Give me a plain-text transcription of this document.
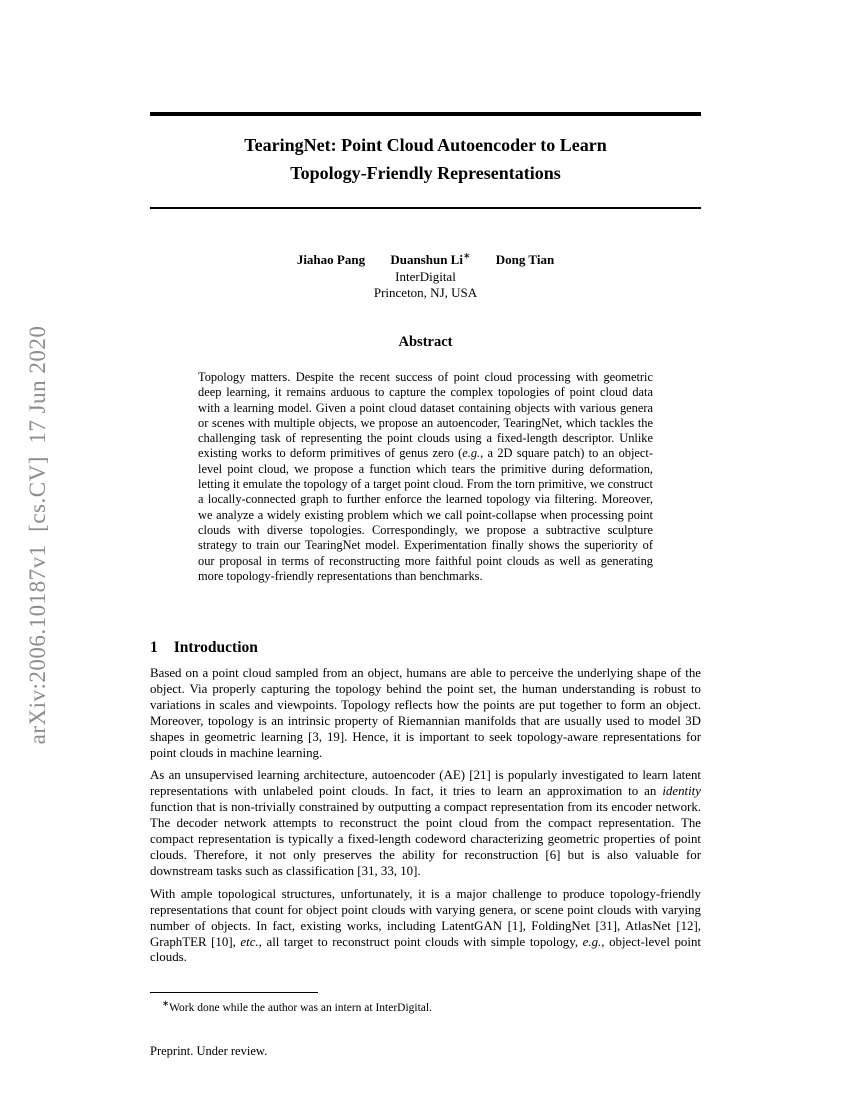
arXiv:2006.10187v1  [cs.CV]  17 Jun 2020
TearingNet: Point Cloud Autoencoder to Learn
Topology-Friendly Representations
Jiahao Pang Duanshun Li∗ Dong Tian
InterDigital
Princeton, NJ, USA
Abstract
Topology matters. Despite the recent success of point cloud processing with geometric deep learning, it remains arduous to capture the complex topologies of point cloud data with a learning model. Given a point cloud dataset containing objects with various genera or scenes with multiple objects, we propose an autoencoder, TearingNet, which tackles the challenging task of representing the point clouds using a fixed-length descriptor. Unlike existing works to deform primitives of genus zero (e.g., a 2D square patch) to an object-level point cloud, we propose a function which tears the primitive during deformation, letting it emulate the topology of a target point cloud. From the torn primitive, we construct a locally-connected graph to further enforce the learned topology via filtering. Moreover, we analyze a widely existing problem which we call point-collapse when processing point clouds with diverse topologies. Correspondingly, we propose a subtractive sculpture strategy to train our TearingNet model. Experimentation finally shows the superiority of our proposal in terms of reconstructing more faithful point clouds as well as generating more topology-friendly representations than benchmarks.
1 Introduction

Based on a point cloud sampled from an object, humans are able to perceive the underlying shape of the object. Via properly capturing the topology behind the point set, the human understanding is robust to variations in scales and viewpoints. Topology reflects how the points are put together to form an object. Moreover, topology is an intrinsic property of Riemannian manifolds that are usually used to model 3D shapes in geometric learning [3, 19]. Hence, it is important to seek topology-aware representations for point clouds in machine learning.

As an unsupervised learning architecture, autoencoder (AE) [21] is popularly investigated to learn latent representations with unlabeled point clouds. In fact, it tries to learn an approximation to an identity function that is non-trivially constrained by outputting a compact representation from its encoder network. The decoder network attempts to reconstruct the point cloud from the compact representation. The compact representation is typically a fixed-length codeword characterizing geometric properties of point clouds. Therefore, it not only preserves the ability for reconstruction [6] but is also valuable for downstream tasks such as classification [31, 33, 10].

With ample topological structures, unfortunately, it is a major challenge to produce topology-friendly representations that count for object point clouds with varying genera, or scene point clouds with varying number of objects. In fact, existing works, including LatentGAN [1], FoldingNet [31], AtlasNet [12], GraphTER [10], etc., all target to reconstruct point clouds with simple topology, e.g., object-level point clouds.

∗Work done while the author was an intern at InterDigital.
Preprint. Under review.
